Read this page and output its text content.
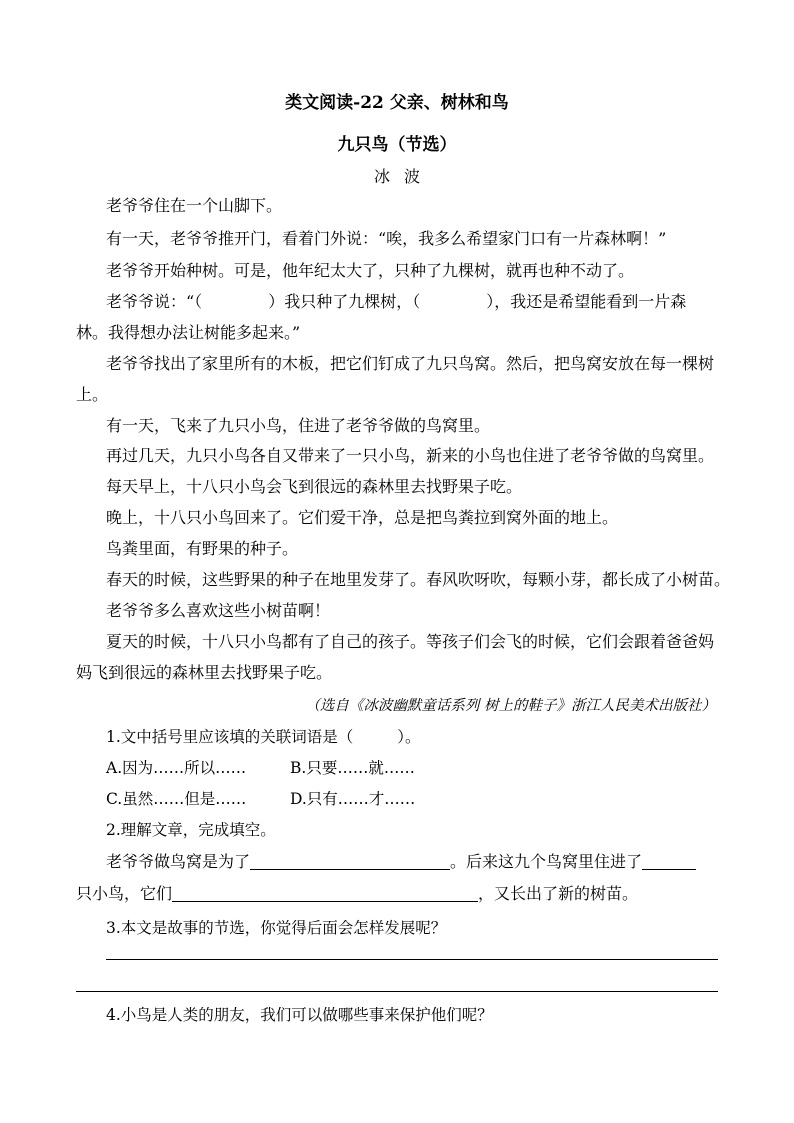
类文阅读-22 父亲、树林和鸟
九只鸟（节选）
冰波
老爷爷住在一个山脚下。
有一天，老爷爷推开门，看着门外说：“唉，我多么希望家门口有一片森林啊！”
老爷爷开始种树。可是，他年纪太大了，只种了九棵树，就再也种不动了。
老爷爷说：“（	）我只种了九棵树，（	），我还是希望能看到一片森
林。我得想办法让树能多起来。”
老爷爷找出了家里所有的木板，把它们钉成了九只鸟窝。然后，把鸟窝安放在每一棵树
上。
有一天，飞来了九只小鸟，住进了老爷爷做的鸟窝里。
再过几天，九只小鸟各自又带来了一只小鸟，新来的小鸟也住进了老爷爷做的鸟窝里。
每天早上，十八只小鸟会飞到很远的森林里去找野果子吃。
晚上，十八只小鸟回来了。它们爱干净，总是把鸟粪拉到窝外面的地上。
鸟粪里面，有野果的种子。
春天的时候，这些野果的种子在地里发芽了。春风吹呀吹，每颗小芽，都长成了小树苗。
老爷爷多么喜欢这些小树苗啊！
夏天的时候，十八只小鸟都有了自己的孩子。等孩子们会飞的时候，它们会跟着爸爸妈
妈飞到很远的森林里去找野果子吃。
（选自《冰波幽默童话系列 树上的鞋子》浙江人民美术出版社）
1.文中括号里应该填的关联词语是（	）。
A.因为……所以……	B.只要……就……
C.虽然……但是……	D.只有……才……
2.理解文章，完成填空。
老爷爷做鸟窝是为了	。后来这九个鸟窝里住进了
只小鸟，它们	，又长出了新的树苗。
3.本文是故事的节选，你觉得后面会怎样发展呢？
4.小鸟是人类的朋友，我们可以做哪些事来保护他们呢？
